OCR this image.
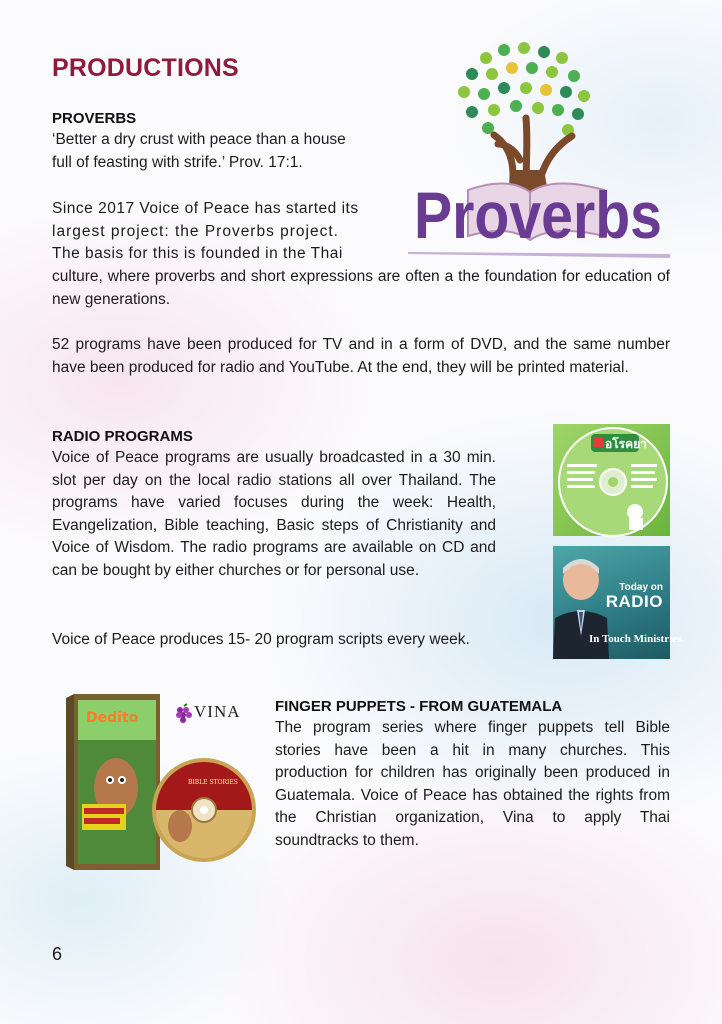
PRODUCTIONS
PROVERBS
‘Better a dry crust with peace than a house
full of feasting with strife.’ Prov. 17:1.
Since 2017 Voice of Peace has started its
largest project: the Proverbs project.
The basis for this is founded in the Thai

culture, where proverbs and short expressions are often a the foundation for education of new generations.

52 programs have been produced for TV and in a form of DVD, and the same number have been produced for radio and YouTube. At the end, they will be printed material.

Proverbs
RADIO PROGRAMS

Voice of Peace programs are usually broadcasted in a 30 min. slot per day on the local radio stations all over Thailand. The programs have varied focuses during the week: Health, Evangelization, Bible teaching, Basic steps of Christianity and Voice of Wisdom. The radio programs are available on CD and can be bought by either churches or for personal use.

Voice of Peace produces 15- 20 program scripts every week.

อโรคยา
Today on
RADIO
In Touch Ministries.
FINGER PUPPETS - FROM GUATEMALA

The program series where finger puppets tell Bible stories have been a hit in many churches. This production for children has originally been produced in Guatemala. Voice of Peace has obtained the rights from the Christian organization, Vina to apply Thai soundtracks to them.

Dedito
BIBLE STORIES
VINA
6
